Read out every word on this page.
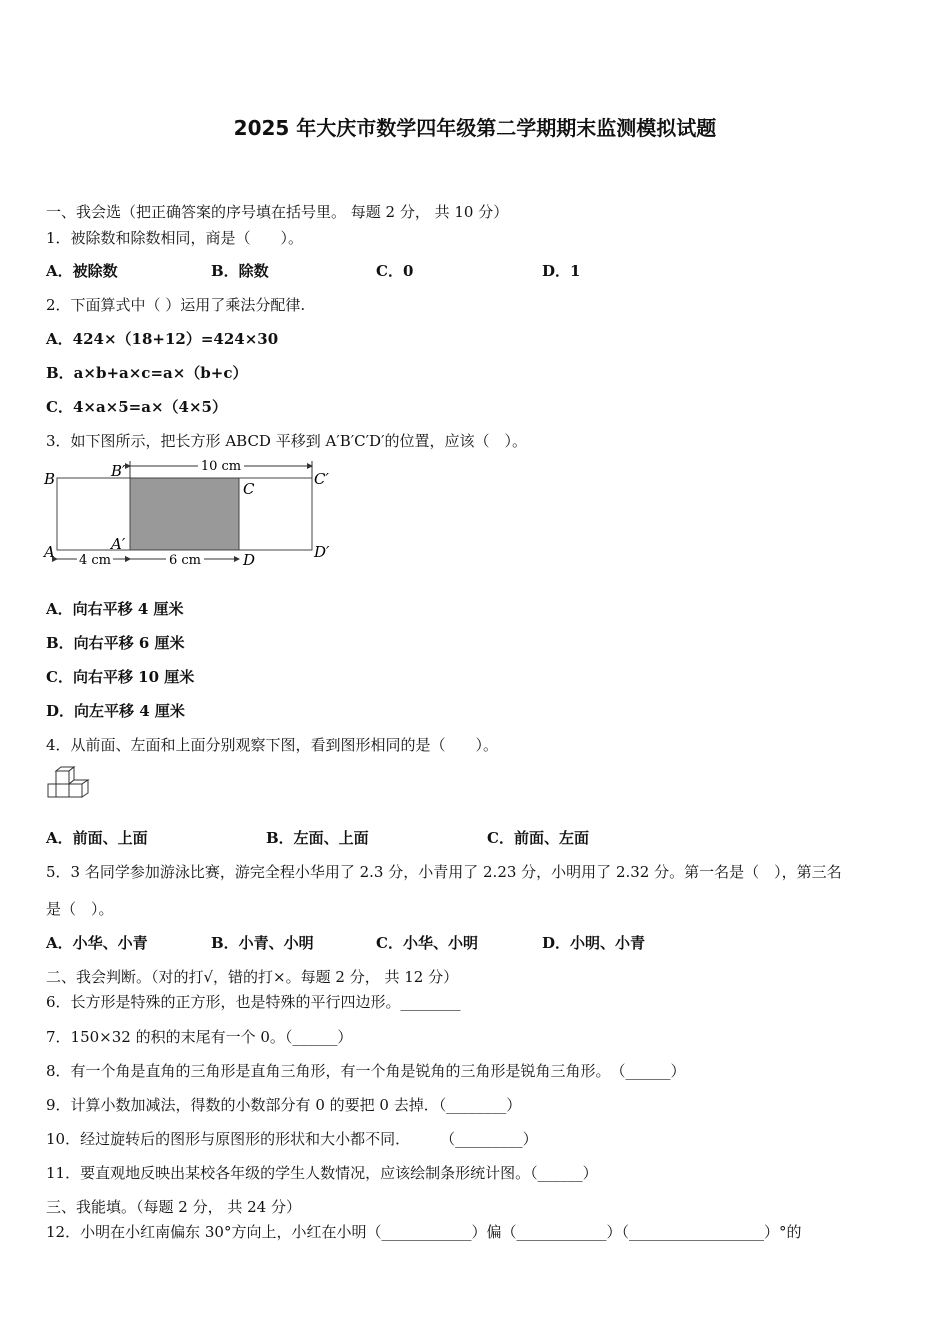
2025 年大庆市数学四年级第二学期期末监测模拟试题
一、我会选（把正确答案的序号填在括号里。 每题 2 分， 共 10 分）
1．被除数和除数相同，商是（　　）。
A．被除数	B．除数	C．0	D．1
2．下面算式中（ ）运用了乘法分配律.
A．424×（18+12）=424×30
B．a×b+a×c=a×（b+c）
C．4×a×5=a×（4×5）
3．如下图所示，把长方形 ABCD 平移到 A′B′C′D′的位置，应该（　）。
10 cm
4 cm	6 cm
B	B′
C
C′
A	A′
D	D′
A．向右平移 4 厘米
B．向右平移 6 厘米
C．向右平移 10 厘米
D．向左平移 4 厘米
4．从前面、左面和上面分别观察下图，看到图形相同的是（　　）。
A．前面、上面	B．左面、上面	C．前面、左面
5．3 名同学参加游泳比赛，游完全程小华用了 2.3 分，小青用了 2.23 分，小明用了 2.32 分。第一名是（　），第三名
是（　）。
A．小华、小青	B．小青、小明	C．小华、小明	D．小明、小青
二、我会判断。（对的打√，错的打×。每题 2 分， 共 12 分）
6．长方形是特殊的正方形，也是特殊的平行四边形。________
7．150×32 的积的末尾有一个 0。（______）
8．有一个角是直角的三角形是直角三角形，有一个角是锐角的三角形是锐角三角形。　（______）
9．计算小数加减法，得数的小数部分有 0 的要把 0 去掉．（________）
10．经过旋转后的图形与原图形的形状和大小都不同．　　　（_________）
11．要直观地反映出某校各年级的学生人数情况，应该绘制条形统计图。（______）
三、我能填。（每题 2 分， 共 24 分）
12．小明在小红南偏东 30°方向上，小红在小明（____________）偏（____________）（__________________）°的
